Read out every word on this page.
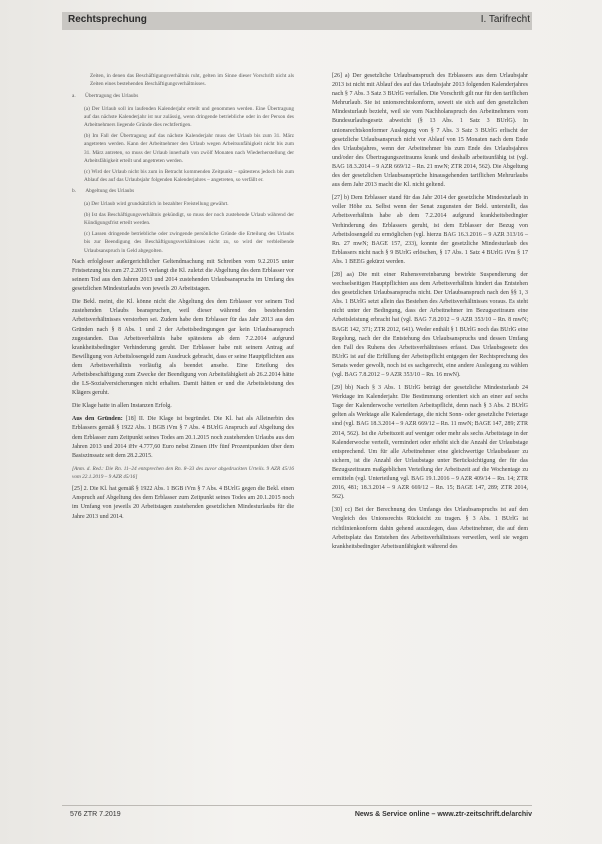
Rechtsprechung	I. Tarifrecht

Zeiten, in denen das Beschäftigungsverhältnis ruht, gelten im Sinne dieser Vorschrift nicht als Zeiten eines bestehenden Beschäftigungsverhältnisses.

a. Übertragung des Urlaubs

(a) Der Urlaub soll im laufenden Kalenderjahr erteilt und genommen werden. Eine Übertragung auf das nächste Kalenderjahr ist nur zulässig, wenn dringende betriebliche oder in der Person des Arbeitnehmers liegende Gründe dies rechtfertigen.

(b) Im Fall der Übertragung auf das nächste Kalenderjahr muss der Urlaub bis zum 31. März angetreten werden. Kann der Arbeitnehmer den Urlaub wegen Arbeitsunfähigkeit nicht bis zum 31. März antreten, so muss der Urlaub innerhalb von zwölf Monaten nach Wiederherstellung der Arbeitsfähigkeit erteilt und angetreten werden.

(c) Wird der Urlaub nicht bis zum in Betracht kommenden Zeitpunkt – spätestens jedoch bis zum Ablauf des auf das Urlaubsjahr folgenden Kalenderjahres – angetreten, so verfällt er.

b. Abgeltung des Urlaubs

(a) Der Urlaub wird grundsätzlich in bezahlter Freistellung gewährt.

(b) Ist das Beschäftigungsverhältnis gekündigt, so muss der noch zustehende Urlaub während der Kündigungsfrist erteilt werden.

(c) Lassen dringende betriebliche oder zwingende persönliche Gründe die Erteilung des Urlaubs bis zur Beendigung des Beschäftigungsverhältnisses nicht zu, so wird der verbleibende Urlaubsanspruch in Geld abgegolten.

Nach erfolgloser außergerichtlicher Geltendmachung mit Schreiben vom 9.2.2015 unter Fristsetzung bis zum 27.2.2015 verlangt die Kl. zuletzt die Abgeltung des dem Erblasser vor seinem Tod aus den Jahren 2013 und 2014 zustehenden Urlaubsanspruchs im Umfang des gesetzlichen Mindesturlaubs von jeweils 20 Arbeitstagen.

Die Bekl. meint, die Kl. könne nicht die Abgeltung des dem Erblasser vor seinem Tod zustehenden Urlaubs beanspruchen, weil dieser während des bestehenden Arbeitsverhältnisses verstorben sei. Zudem habe dem Erblasser für das Jahr 2013 aus den Gründen nach § 8 Abs. 1 und 2 der Arbeitsbedingungen gar kein Urlaubsanspruch zugestanden. Das Arbeitsverhältnis habe spätestens ab dem 7.2.2014 aufgrund krankheitsbedingter Verhinderung geruht. Der Erblasser habe mit seinem Antrag auf Bewilligung von Arbeitslosengeld zum Ausdruck gebracht, dass er seine Hauptpflichten aus dem Arbeitsverhältnis vorläufig als beendet ansehe. Eine Erteilung des Arbeitsbeschäftigung zum Zwecke der Beendigung von Arbeitsfähigkeit ab 26.2.2014 hätte die LS-Sozialversicherungen nicht erhalten. Damit hätten er und die Arbeitsleistung des Klägers geruht.

Die Klage hatte in allen Instanzen Erfolg.

Aus den Gründen: [18] II. Die Klage ist begründet. Die Kl. hat als Alleinerbin des Erblassers gemäß § 1922 Abs. 1 BGB iVm § 7 Abs. 4 BUrlG Anspruch auf Abgeltung des dem Erblasser zum Zeitpunkt seines Todes am 20.1.2015 noch zustehenden Urlaubs aus den Jahren 2013 und 2014 iHv 4.777,60 Euro nebst Zinsen iHv fünf Prozentpunkten über dem Basiszinssatz seit dem 28.2.2015.

[Anm. d. Red.: Die Rn. 11–24 entsprechen den Rn. 8–33 des zuvor abgedruckten Urteils. 9 AZR 45/16 vom 22.1.2019 – 9 AZR 45/16]

[25] 2. Die Kl. hat gemäß § 1922 Abs. 1 BGB iVm § 7 Abs. 4 BUrlG gegen die Bekl. einen Anspruch auf Abgeltung des dem Erblasser zum Zeitpunkt seines Todes am 20.1.2015 noch im Umfang von jeweils 20 Arbeitstagen zustehenden gesetzlichen Mindesturlaubs für die Jahre 2013 und 2014.

[26] a) Der gesetzliche Urlaubsanspruch des Erblassers aus dem Urlaubsjahr 2013 ist nicht mit Ablauf des auf das Urlaubsjahr 2013 folgenden Kalenderjahres nach § 7 Abs. 3 Satz 3 BUrlG verfallen. Die Vorschrift gilt nur für den tariflichen Mehrurlaub. Sie ist unionsrechtskonform, soweit sie sich auf den gesetzlichen Mindesturlaub bezieht, weil sie vom Nachholanspruch des Arbeitnehmers vom Bundesurlaubsgesetz abweicht (§ 13 Abs. 1 Satz 3 BUrlG). In unionsrechtskonformer Auslegung von § 7 Abs. 3 Satz 3 BUrlG erlischt der gesetzliche Urlaubsanspruch nicht vor Ablauf von 15 Monaten nach dem Ende des Urlaubsjahres, wenn der Arbeitnehmer bis zum Ende des Urlaubsjahres und/oder des Übertragungszeitraums krank und deshalb arbeitsunfähig ist (vgl. BAG 18.3.2014 – 9 AZR 669/12 – Rn. 21 mwN; ZTR 2014, 562). Die Abgeltung des der gesetzlichen Urlaubsansprüche hinausgehenden tariflichen Mehrurlaubs aus dem Jahr 2013 macht die Kl. nicht geltend.

[27] b) Dem Erblasser stand für das Jahr 2014 der gesetzliche Mindesturlaub in voller Höhe zu. Selbst wenn der Senat zugunsten der Bekl. unterstellt, das Arbeitsverhältnis habe ab dem 7.2.2014 aufgrund krankheitsbedingter Verhinderung des Erblassers geruht, ist dem Erblasser der Bezug von Arbeitslosengeld zu ermöglichen (vgl. hierzu BAG 16.3.2016 – 9 AZR 313/16 – Rn. 27 mwN; BAGE 157, 233), konnte der gesetzliche Mindesturlaub des Erblassers nicht nach § 9 BUrlG erlöschen, § 17 Abs. 1 Satz 4 BUrlG iVm § 17 Abs. 1 BEEG gekürzt werden.

[28] aa) Die mit einer Ruhensvereinbarung bewirkte Suspendierung der wechselseitigen Hauptpflichten aus dem Arbeitsverhältnis hindert das Entstehen des gesetzlichen Urlaubsanspruchs nicht. Der Urlaubsanspruch nach den §§ 1, 3 Abs. 1 BUrlG setzt allein das Bestehen des Arbeitsverhältnisses voraus. Es steht nicht unter der Bedingung, dass der Arbeitnehmer im Bezugszeitraum eine Arbeitsleistung erbracht hat (vgl. BAG 7.8.2012 – 9 AZR 353/10 – Rn. 8 mwN; BAGE 142, 371; ZTR 2012, 641). Weder enthält § 1 BUrlG noch das BUrlG eine Regelung, nach der die Entstehung des Urlaubsanspruchs und dessen Umfang den Fall des Ruhens des Arbeitsverhältnisses erfasst. Das Urlaubsgesetz des BUrlG ist auf die Erfüllung der Arbeitspflicht entgegen der Rechtsprechung des Senats weder gewollt, noch ist es sachgerecht, eine andere Auslegung zu wählen (vgl. BAG 7.8.2012 – 9 AZR 353/10 – Rn. 16 mwN).

[29] bb) Nach § 3 Abs. 1 BUrlG beträgt der gesetzliche Mindesturlaub 24 Werktage im Kalenderjahr. Die Bestimmung orientiert sich an einer auf sechs Tage der Kalenderwoche verteilten Arbeitspflicht, denn nach § 3 Abs. 2 BUrlG gelten als Werktage alle Kalendertage, die nicht Sonn- oder gesetzliche Feiertage sind (vgl. BAG 18.3.2014 – 9 AZR 669/12 – Rn. 11 mwN; BAGE 147, 289; ZTR 2014, 562). Ist die Arbeitszeit auf weniger oder mehr als sechs Arbeitstage in der Kalenderwoche verteilt, vermindert oder erhöht sich die Anzahl der Urlaubstage entsprechend. Um für alle Arbeitnehmer eine gleichwertige Urlaubsdauer zu sichern, ist die Anzahl der Urlaubstage unter Berücksichtigung der für das Bezugszeitraum maßgeblichen Verteilung der Arbeitszeit auf die Wochentage zu ermitteln (vgl. Unterteilung vgl. BAG 19.1.2016 – 9 AZR 409/14 – Rn. 14; ZTR 2016, 481; 18.3.2014 – 9 AZR 669/12 – Rn. 15; BAGE 147, 289; ZTR 2014, 562).

[30] cc) Bei der Berechnung des Umfangs des Urlaubsanspruchs ist auf den Vergleich des Unionsrechts Rücksicht zu tragen. § 3 Abs. 1 BUrlG ist richtlinienkonform dahin gehend auszulegen, dass Arbeitnehmer, die auf dem Arbeitsplatz das Entstehen des Arbeitsverhältnisses verweilen, weil sie wegen krankheitsbedingter Arbeitsunfähigkeit während des

576 ZTR 7.2019	News & Service online – www.ztr-zeitschrift.de/archiv
